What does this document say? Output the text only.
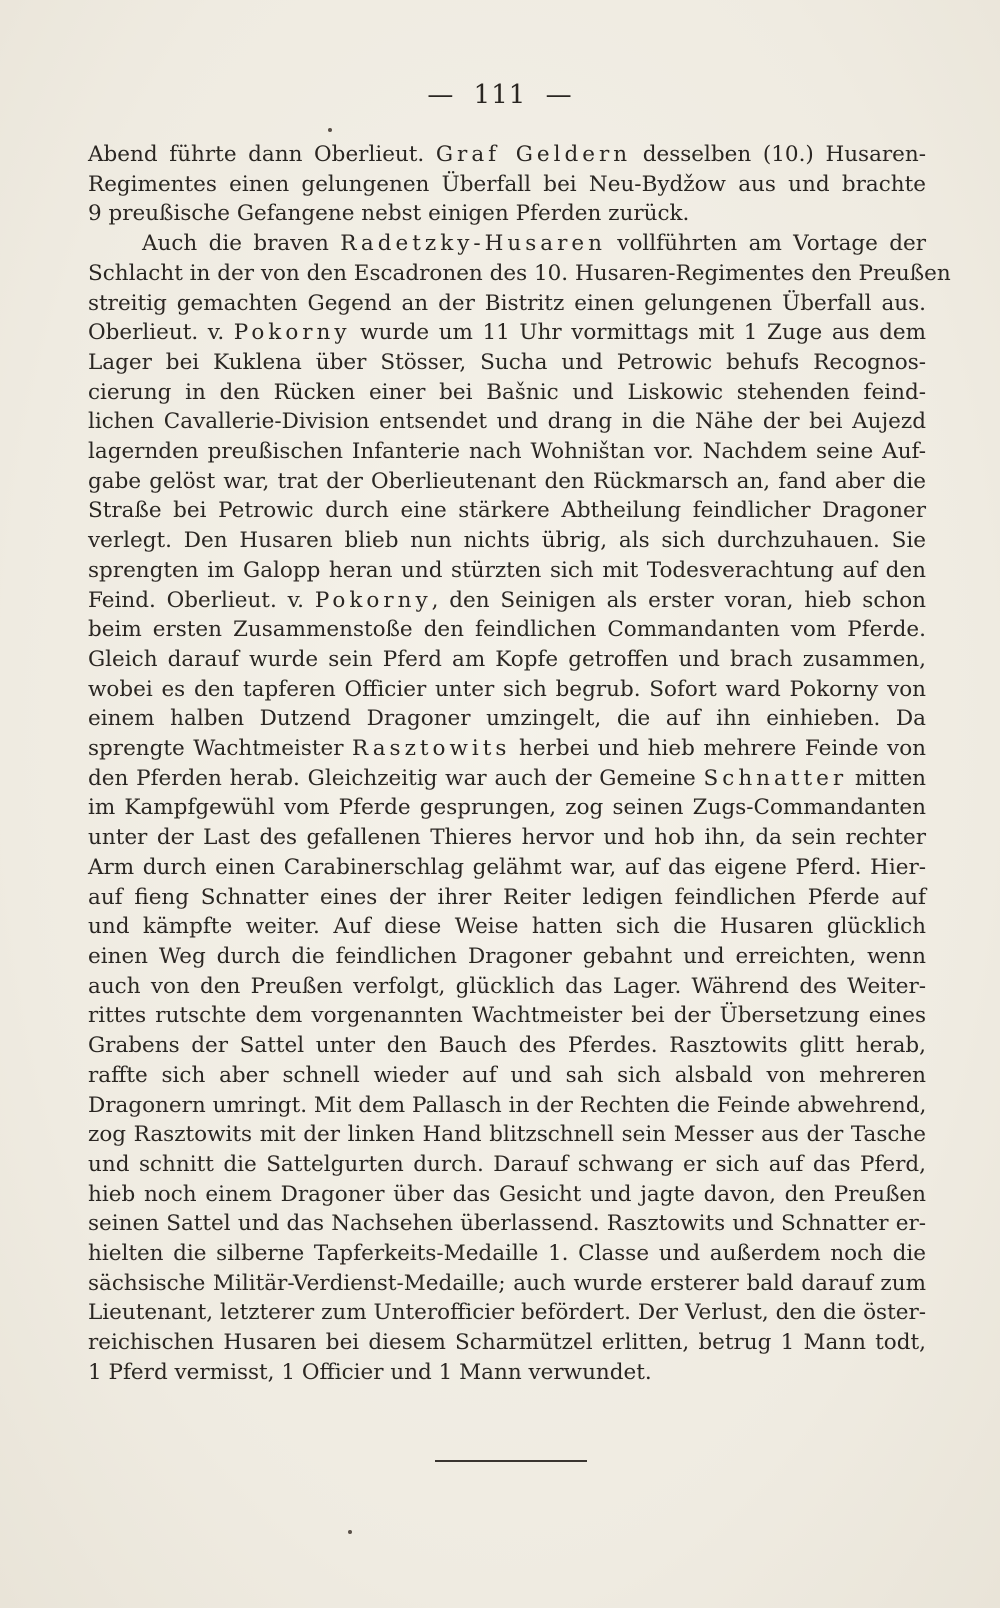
— 111 —
Abend führte dann Oberlieut. Graf Geldern desselben (10.) Husaren-
Regimentes einen gelungenen Überfall bei Neu-Bydžow aus und brachte
9 preußische Gefangene nebst einigen Pferden zurück.
Auch die braven Radetzky-Husaren vollführten am Vortage der
Schlacht in der von den Escadronen des 10. Husaren-Regimentes den Preußen
streitig gemachten Gegend an der Bistritz einen gelungenen Überfall aus.
Oberlieut. v. Pokorny wurde um 11 Uhr vormittags mit 1 Zuge aus dem
Lager bei Kuklena über Stösser, Sucha und Petrowic behufs Recognos-
cierung in den Rücken einer bei Bašnic und Liskowic stehenden feind-
lichen Cavallerie-Division entsendet und drang in die Nähe der bei Aujezd
lagernden preußischen Infanterie nach Wohništan vor. Nachdem seine Auf-
gabe gelöst war, trat der Oberlieutenant den Rückmarsch an, fand aber die
Straße bei Petrowic durch eine stärkere Abtheilung feindlicher Dragoner
verlegt. Den Husaren blieb nun nichts übrig, als sich durchzuhauen. Sie
sprengten im Galopp heran und stürzten sich mit Todesverachtung auf den
Feind. Oberlieut. v. Pokorny, den Seinigen als erster voran, hieb schon
beim ersten Zusammenstoße den feindlichen Commandanten vom Pferde.
Gleich darauf wurde sein Pferd am Kopfe getroffen und brach zusammen,
wobei es den tapferen Officier unter sich begrub. Sofort ward Pokorny von
einem halben Dutzend Dragoner umzingelt, die auf ihn einhieben. Da
sprengte Wachtmeister Rasztowits herbei und hieb mehrere Feinde von
den Pferden herab. Gleichzeitig war auch der Gemeine Schnatter mitten
im Kampfgewühl vom Pferde gesprungen, zog seinen Zugs-Commandanten
unter der Last des gefallenen Thieres hervor und hob ihn, da sein rechter
Arm durch einen Carabinerschlag gelähmt war, auf das eigene Pferd. Hier-
auf fieng Schnatter eines der ihrer Reiter ledigen feindlichen Pferde auf
und kämpfte weiter. Auf diese Weise hatten sich die Husaren glücklich
einen Weg durch die feindlichen Dragoner gebahnt und erreichten, wenn
auch von den Preußen verfolgt, glücklich das Lager. Während des Weiter-
rittes rutschte dem vorgenannten Wachtmeister bei der Übersetzung eines
Grabens der Sattel unter den Bauch des Pferdes. Rasztowits glitt herab,
raffte sich aber schnell wieder auf und sah sich alsbald von mehreren
Dragonern umringt. Mit dem Pallasch in der Rechten die Feinde abwehrend,
zog Rasztowits mit der linken Hand blitzschnell sein Messer aus der Tasche
und schnitt die Sattelgurten durch. Darauf schwang er sich auf das Pferd,
hieb noch einem Dragoner über das Gesicht und jagte davon, den Preußen
seinen Sattel und das Nachsehen überlassend. Rasztowits und Schnatter er-
hielten die silberne Tapferkeits-Medaille 1. Classe und außerdem noch die
sächsische Militär-Verdienst-Medaille; auch wurde ersterer bald darauf zum
Lieutenant, letzterer zum Unterofficier befördert. Der Verlust, den die öster-
reichischen Husaren bei diesem Scharmützel erlitten, betrug 1 Mann todt,
1 Pferd vermisst, 1 Officier und 1 Mann verwundet.
